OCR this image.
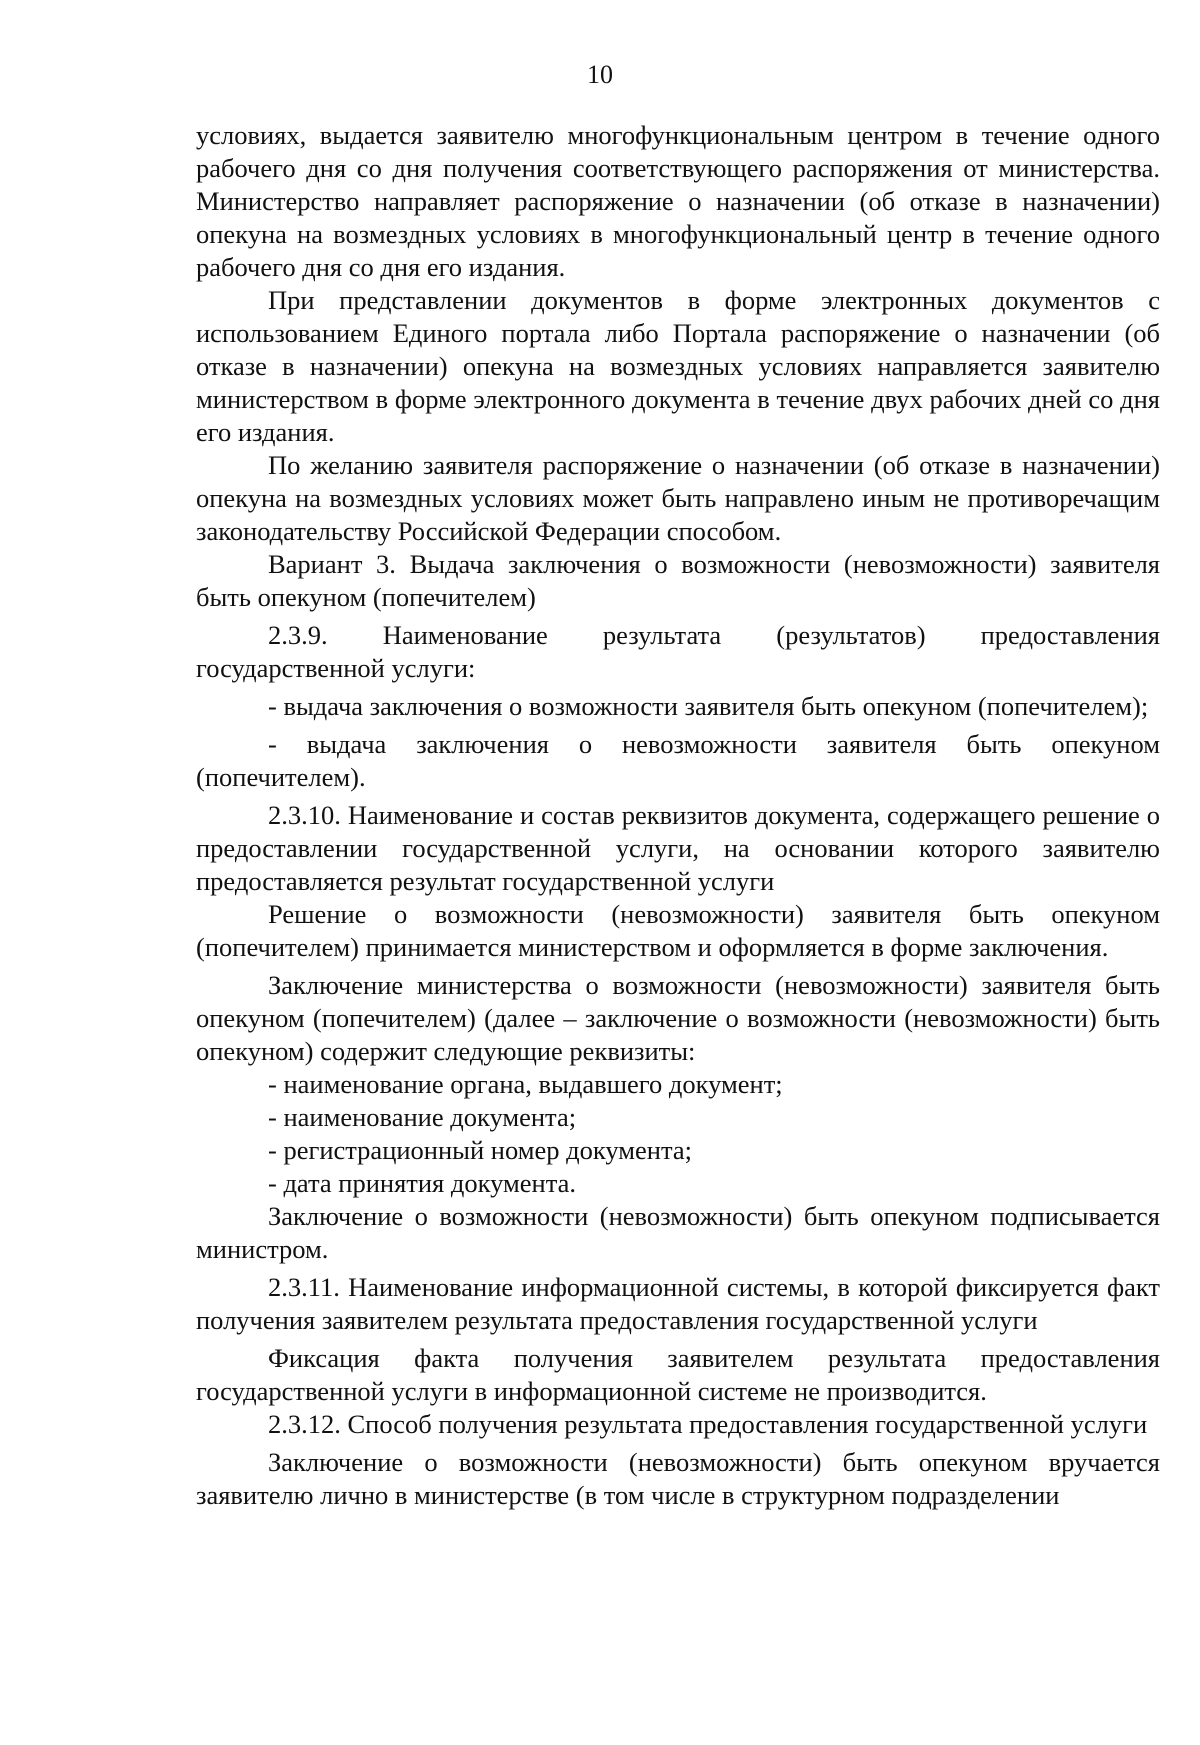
10

условиях, выдается заявителю многофункциональным центром в течение одного рабочего дня со дня получения соответствующего распоряжения от министерства. Министерство направляет распоряжение о назначении (об отказе в назначении) опекуна на возмездных условиях в многофункциональный центр в течение одного рабочего дня со дня его издания.

При представлении документов в форме электронных документов с использованием Единого портала либо Портала распоряжение о назначении (об отказе в назначении) опекуна на возмездных условиях направляется заявителю министерством в форме электронного документа в течение двух рабочих дней со дня его издания.

По желанию заявителя распоряжение о назначении (об отказе в назначении) опекуна на возмездных условиях может быть направлено иным не противоречащим законодательству Российской Федерации способом.

Вариант 3. Выдача заключения о возможности (невозможности) заявителя быть опекуном (попечителем)

2.3.9. Наименование результата (результатов) предоставления государственной услуги:

- выдача заключения о возможности заявителя быть опекуном (попечителем);

- выдача заключения о невозможности заявителя быть опекуном (попечителем).

2.3.10. Наименование и состав реквизитов документа, содержащего решение о предоставлении государственной услуги, на основании которого заявителю предоставляется результат государственной услуги

Решение о возможности (невозможности) заявителя быть опекуном (попечителем) принимается министерством и оформляется в форме заключения.

Заключение министерства о возможности (невозможности) заявителя быть опекуном (попечителем) (далее – заключение о возможности (невозможности) быть опекуном) содержит следующие реквизиты:

- наименование органа, выдавшего документ;

- наименование документа;

- регистрационный номер документа;

- дата принятия документа.

Заключение о возможности (невозможности) быть опекуном подписывается министром.

2.3.11. Наименование информационной системы, в которой фиксируется факт получения заявителем результата предоставления государственной услуги

Фиксация факта получения заявителем результата предоставления государственной услуги в информационной системе не производится.

2.3.12. Способ получения результата предоставления государственной услуги

Заключение о возможности (невозможности) быть опекуном вручается заявителю лично в министерстве (в том числе в структурном подразделении
